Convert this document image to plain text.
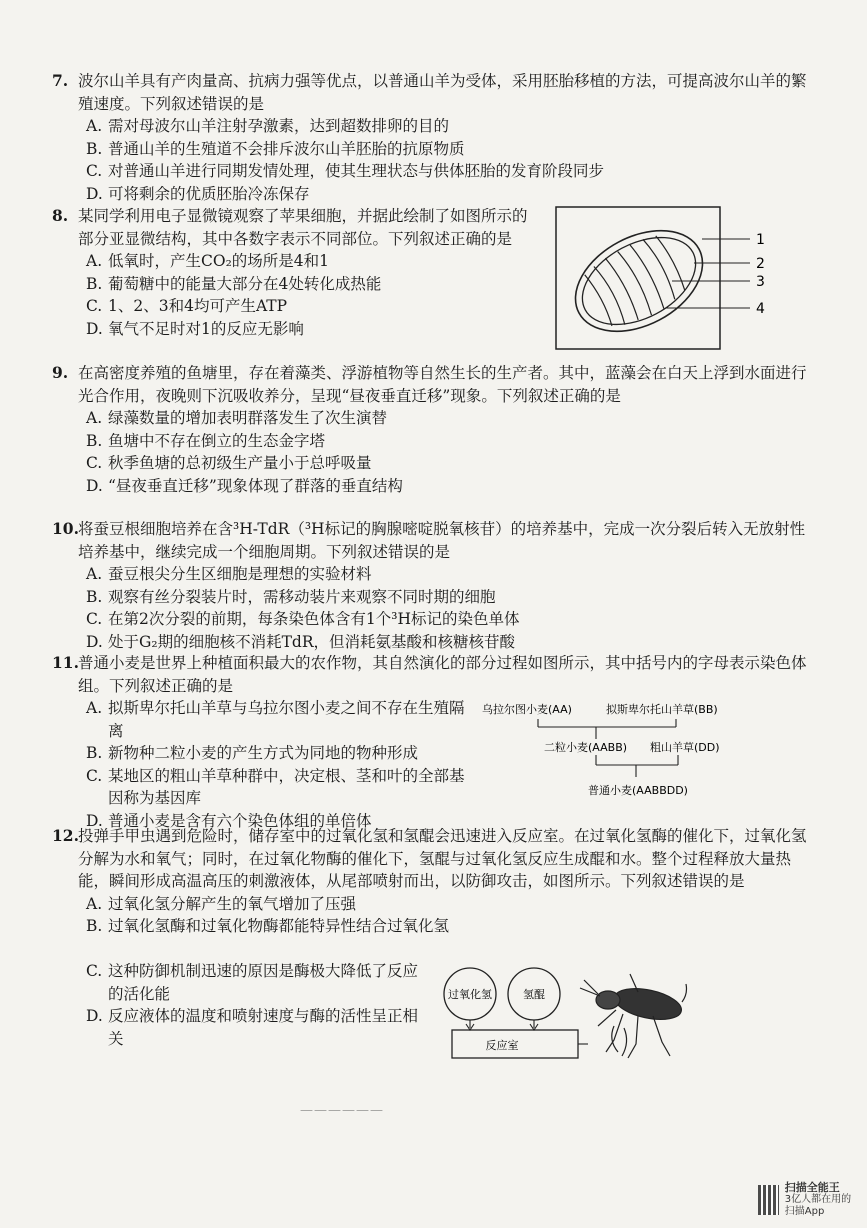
7. 波尔山羊具有产肉量高、抗病力强等优点，以普通山羊为受体，采用胚胎移植的方法，可提高波尔山羊的繁殖速度。下列叙述错误的是
A. 需对母波尔山羊注射孕激素，达到超数排卵的目的
B. 普通山羊的生殖道不会排斥波尔山羊胚胎的抗原物质
C. 对普通山羊进行同期发情处理，使其生理状态与供体胚胎的发育阶段同步
D. 可将剩余的优质胚胎冷冻保存
8. 某同学利用电子显微镜观察了苹果细胞，并据此绘制了如图所示的部分亚显微结构，其中各数字表示不同部位。下列叙述正确的是
A. 低氧时，产生CO₂的场所是4和1
B. 葡萄糖中的能量大部分在4处转化成热能
C. 1、2、3和4均可产生ATP
D. 氧气不足时对1的反应无影响
1
2
3
4
9. 在高密度养殖的鱼塘里，存在着藻类、浮游植物等自然生长的生产者。其中，蓝藻会在白天上浮到水面进行光合作用，夜晚则下沉吸收养分，呈现“昼夜垂直迁移”现象。下列叙述正确的是
A. 绿藻数量的增加表明群落发生了次生演替
B. 鱼塘中不存在倒立的生态金字塔
C. 秋季鱼塘的总初级生产量小于总呼吸量
D. “昼夜垂直迁移”现象体现了群落的垂直结构
10. 将蚕豆根细胞培养在含³H-TdR（³H标记的胸腺嘧啶脱氧核苷）的培养基中，完成一次分裂后转入无放射性培养基中，继续完成一个细胞周期。下列叙述错误的是
A. 蚕豆根尖分生区细胞是理想的实验材料
B. 观察有丝分裂装片时，需移动装片来观察不同时期的细胞
C. 在第2次分裂的前期，每条染色体含有1个³H标记的染色单体
D. 处于G₂期的细胞核不消耗TdR，但消耗氨基酸和核糖核苷酸
11. 普通小麦是世界上种植面积最大的农作物，其自然演化的部分过程如图所示，其中括号内的字母表示染色体组。下列叙述正确的是
A. 拟斯卑尔托山羊草与乌拉尔图小麦之间不存在生殖隔离
B. 新物种二粒小麦的产生方式为同地的物种形成
C. 某地区的粗山羊草种群中，决定根、茎和叶的全部基因称为基因库
D. 普通小麦是含有六个染色体组的单倍体
乌拉尔图小麦(AA)	拟斯卑尔托山羊草(BB)
二粒小麦(AABB) 粗山羊草(DD)
普通小麦(AABBDD)
12. 投弹手甲虫遇到危险时，储存室中的过氧化氢和氢醌会迅速进入反应室。在过氧化氢酶的催化下，过氧化氢分解为水和氧气；同时，在过氧化物酶的催化下，氢醌与过氧化氢反应生成醌和水。整个过程释放大量热能，瞬间形成高温高压的刺激液体，从尾部喷射而出，以防御攻击，如图所示。下列叙述错误的是
A. 过氧化氢分解产生的氧气增加了压强
B. 过氧化氢酶和过氧化物酶都能特异性结合过氧化氢
C. 这种防御机制迅速的原因是酶极大降低了反应的活化能
D. 反应液体的温度和喷射速度与酶的活性呈正相关
过氧化氢	氢醌
反应室
——————
扫描全能王
3亿人都在用的扫描App
